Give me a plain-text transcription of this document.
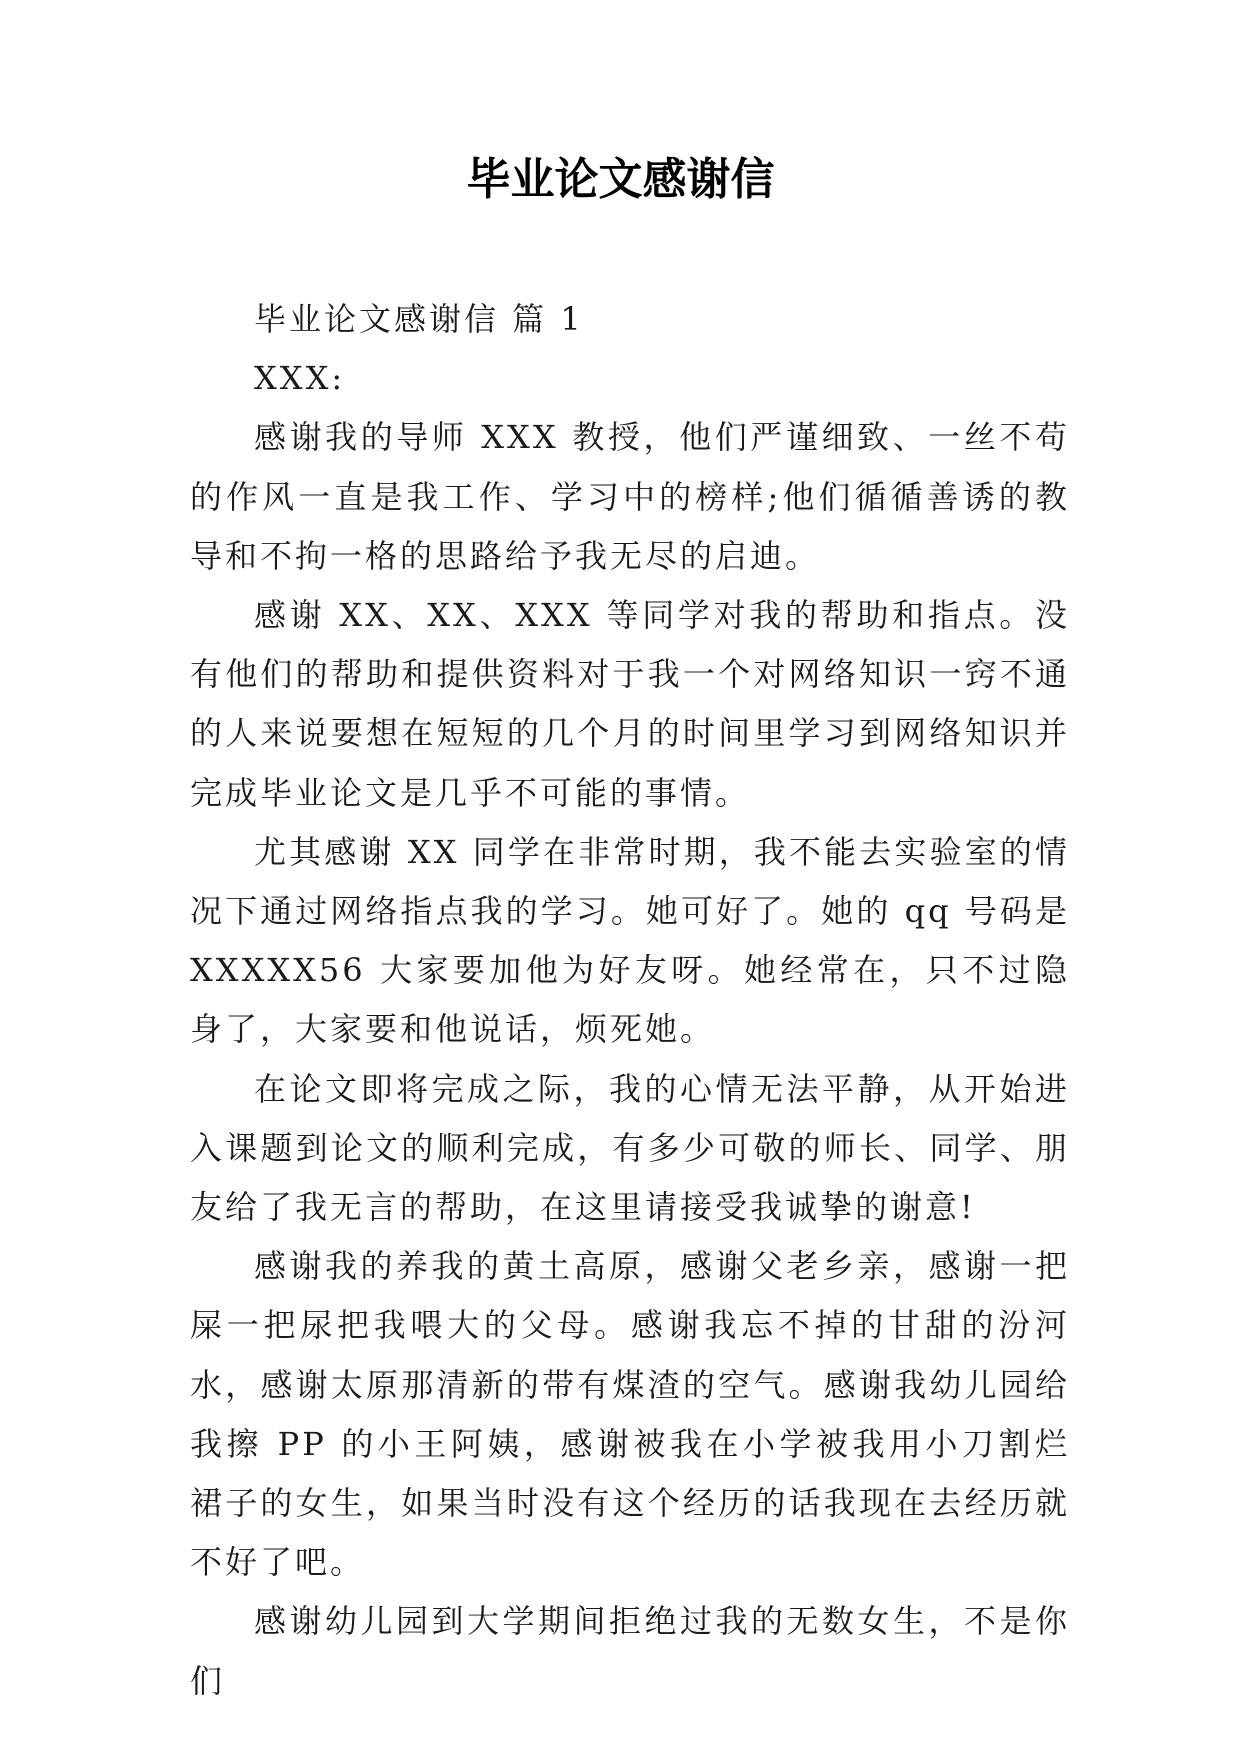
毕业论文感谢信

毕业论文感谢信 篇 1

XXX:

感谢我的导师 XXX 教授，他们严谨细致、一丝不苟的作风一直是我工作、学习中的榜样;他们循循善诱的教导和不拘一格的思路给予我无尽的启迪。

感谢 XX、XX、XXX 等同学对我的帮助和指点。没有他们的帮助和提供资料对于我一个对网络知识一窍不通的人来说要想在短短的几个月的时间里学习到网络知识并完成毕业论文是几乎不可能的事情。

尤其感谢 XX 同学在非常时期，我不能去实验室的情况下通过网络指点我的学习。她可好了。她的 qq 号码是 XXXXX56 大家要加他为好友呀。她经常在，只不过隐身了，大家要和他说话，烦死她。

在论文即将完成之际，我的心情无法平静，从开始进入课题到论文的顺利完成，有多少可敬的师长、同学、朋友给了我无言的帮助，在这里请接受我诚挚的谢意!

感谢我的养我的黄土高原，感谢父老乡亲，感谢一把屎一把尿把我喂大的父母。感谢我忘不掉的甘甜的汾河水，感谢太原那清新的带有煤渣的空气。感谢我幼儿园给我擦 PP 的小王阿姨，感谢被我在小学被我用小刀割烂裙子的女生，如果当时没有这个经历的话我现在去经历就不好了吧。

感谢幼儿园到大学期间拒绝过我的无数女生，不是你们
